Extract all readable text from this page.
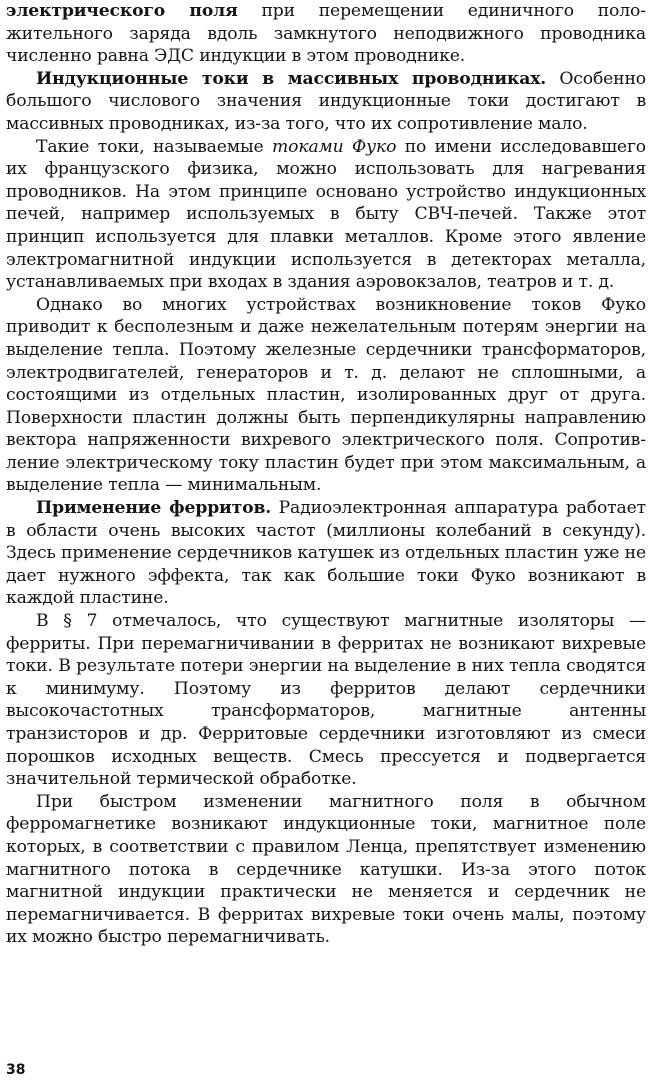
электрического поля при перемещении единичного положительного заряда вдоль замкнутого неподвижного проводника численно равна ЭДС индукции в этом проводнике.

Индукционные токи в массивных проводниках. Особенно большого числового значения индукционные токи достигают в массивных проводниках, из-за того, что их сопротивление мало.

Такие токи, называемые токами Фуко по имени исследовавшего их французского физика, можно использовать для нагревания проводников. На этом принципе основано устройство индукционных печей, например используемых в быту СВЧ-печей. Также этот принцип используется для плавки металлов. Кроме этого явление электромагнитной индукции используется в детекторах металла, устанавливаемых при входах в здания аэровокзалов, театров и т. д.

Однако во многих устройствах возникновение токов Фуко приводит к бесполезным и даже нежелательным потерям энергии на выделение тепла. Поэтому железные сердечники трансформаторов, электродвигателей, генераторов и т. д. делают не сплошными, а состоящими из отдельных пластин, изолированных друг от друга. Поверхности пластин должны быть перпендикулярны направлению вектора напряженности вихревого электрического поля. Сопротивление электрическому току пластин будет при этом максимальным, а выделение тепла — минимальным.

Применение ферритов. Радиоэлектронная аппаратура работает в области очень высоких частот (миллионы колебаний в секунду). Здесь применение сердечников катушек из отдельных пластин уже не дает нужного эффекта, так как большие токи Фуко возникают в каждой пластине.

В § 7 отмечалось, что существуют магнитные изоляторы — ферриты. При перемагничивании в ферритах не возникают вихревые токи. В результате потери энергии на выделение в них тепла сводятся к минимуму. Поэтому из ферритов делают сердечники высокочастотных трансформаторов, магнитные антенны транзисторов и др. Ферритовые сердечники изготовляют из смеси порошков исходных веществ. Смесь прессуется и подвергается значительной термической обработке.

При быстром изменении магнитного поля в обычном ферромагнетике возникают индукционные токи, магнитное поле которых, в соответствии с правилом Ленца, препятствует изменению магнитного потока в сердечнике катушки. Из-за этого поток магнитной индукции практически не меняется и сердечник не перемагничивается. В ферритах вихревые токи очень малы, поэтому их можно быстро перемагничивать.

38
